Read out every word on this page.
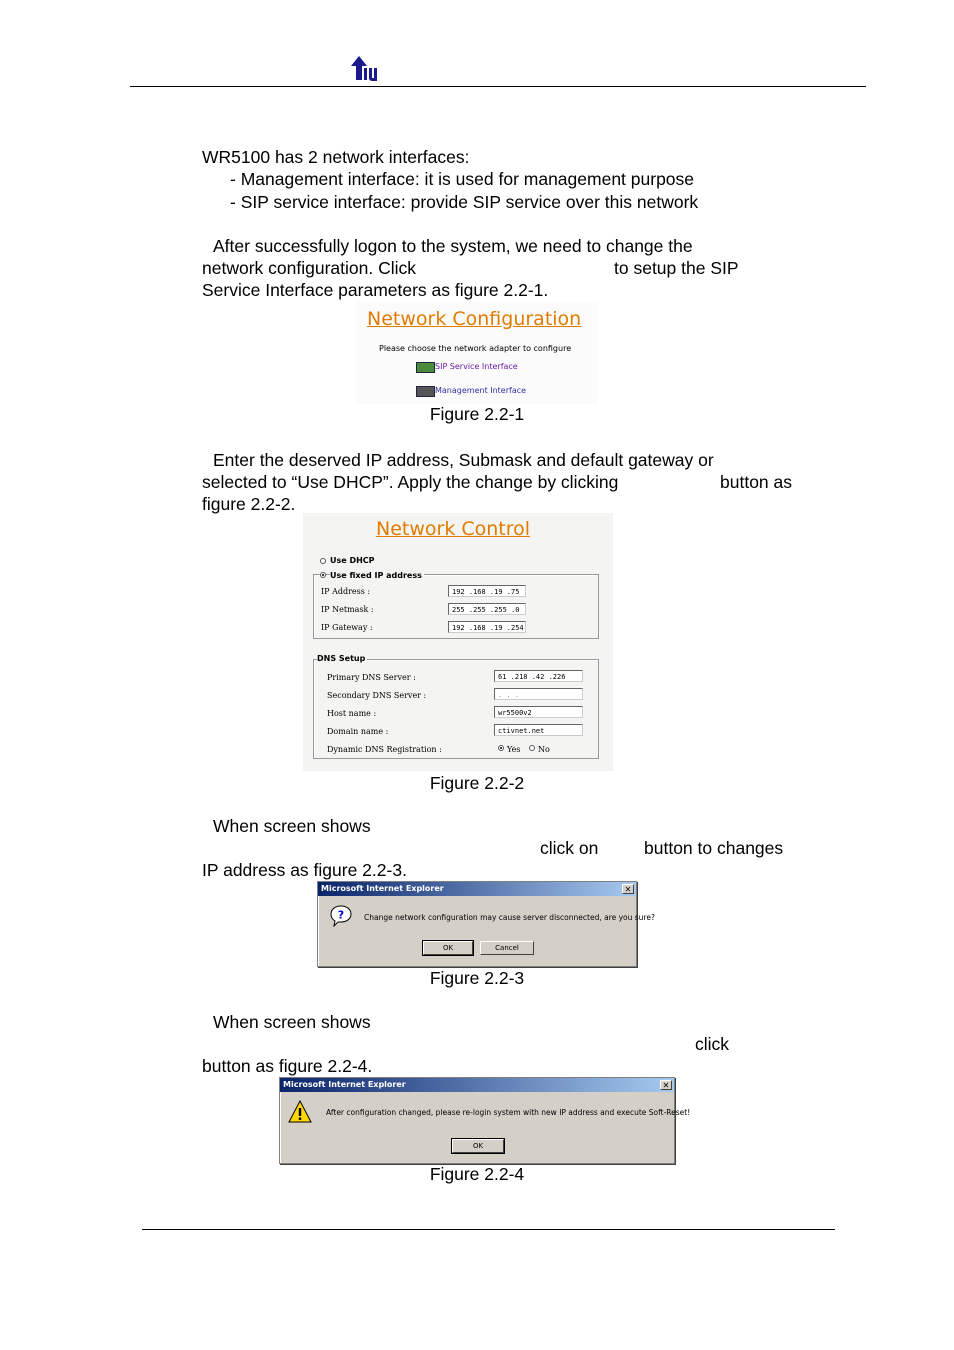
WR5100 has 2 network interfaces:
- Management interface: it is used for management purpose
- SIP service interface: provide SIP service over this network
After successfully logon to the system, we need to change the
network configuration. Click	to setup the SIP
Service Interface parameters as figure 2.2-1.
Network Configuration
Please choose the network adapter to configure
SIP Service Interface
Management Interface
Figure 2.2-1
Enter the deserved IP address, Submask and default gateway or
selected to “Use DHCP”. Apply the change by clicking	button as
figure 2.2-2.
Network Control
Use DHCP
Use fixed IP address
IP Address :	192 .168 .19 .75
IP Netmask :	255 .255 .255 .0
IP Gateway :	192 .168 .19 .254
DNS Setup
Primary DNS Server :	61 .218 .42 .226
Secondary DNS Server :	. . .
Host name :	wr5500v2
Domain name :	ctivnet.net
Dynamic DNS Registration :	Yes No
Figure 2.2-2
When screen shows
click on	button to changes
IP address as figure 2.2-3.
Microsoft Internet Explorer	✕
?	Change network configuration may cause server disconnected, are you sure?
OK	Cancel
Figure 2.2-3
When screen shows
click
button as figure 2.2-4.
Microsoft Internet Explorer	✕
After configuration changed, please re-login system with new IP address and execute Soft-Reset!
OK
Figure 2.2-4
